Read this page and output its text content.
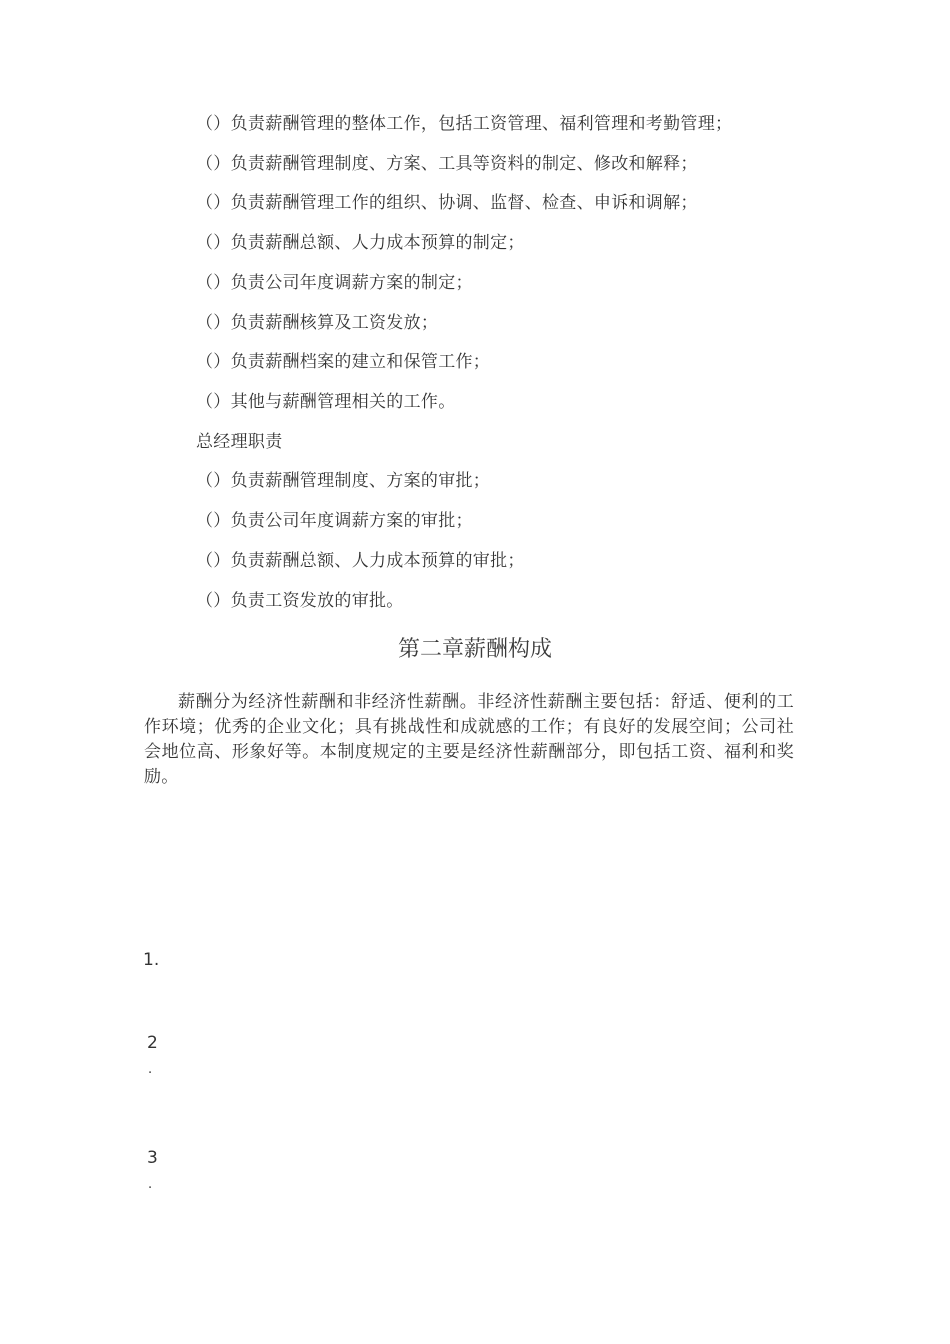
（）负责薪酬管理的整体工作，包括工资管理、福利管理和考勤管理；
（）负责薪酬管理制度、方案、工具等资料的制定、修改和解释；
（）负责薪酬管理工作的组织、协调、监督、检查、申诉和调解；
（）负责薪酬总额、人力成本预算的制定；
（）负责公司年度调薪方案的制定；
（）负责薪酬核算及工资发放；
（）负责薪酬档案的建立和保管工作；
（）其他与薪酬管理相关的工作。
总经理职责
（）负责薪酬管理制度、方案的审批；
（）负责公司年度调薪方案的审批；
（）负责薪酬总额、人力成本预算的审批；
（）负责工资发放的审批。
第二章薪酬构成
薪酬分为经济性薪酬和非经济性薪酬。非经济性薪酬主要包括：舒适、便利的工作环境；优秀的企业文化；具有挑战性和成就感的工作；有良好的发展空间；公司社会地位高、形象好等。本制度规定的主要是经济性薪酬部分，即包括工资、福利和奖励。
1.
2
.
3
.
